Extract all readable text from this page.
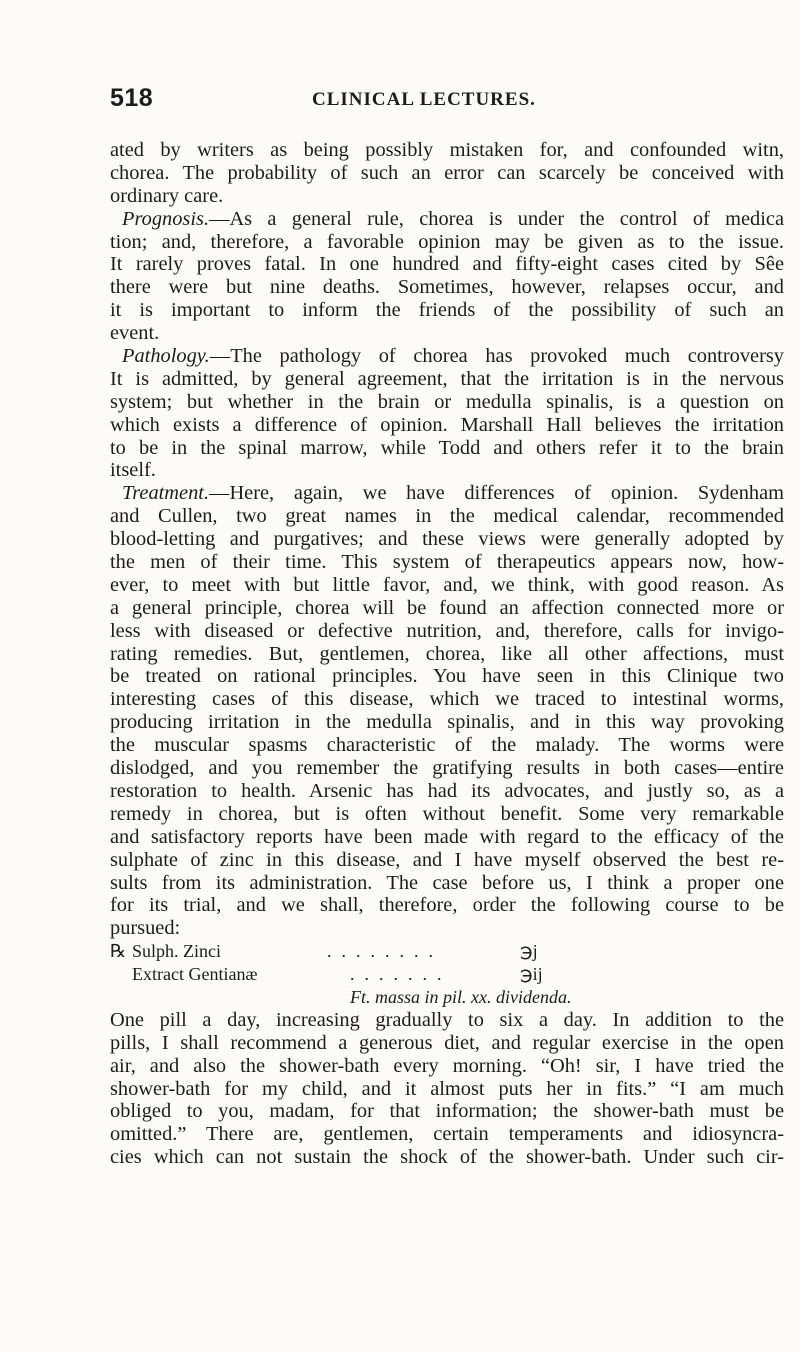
518	CLINICAL LECTURES.
ated by writers as being possibly mistaken for, and confounded witn,
chorea. The probability of such an error can scarcely be conceived with
ordinary care.
Prognosis.—As a general rule, chorea is under the control of medica
tion; and, therefore, a favorable opinion may be given as to the issue.
It rarely proves fatal. In one hundred and fifty-eight cases cited by Sêe
there were but nine deaths. Sometimes, however, relapses occur, and
it is important to inform the friends of the possibility of such an
event.
Pathology.—The pathology of chorea has provoked much controversy
It is admitted, by general agreement, that the irritation is in the nervous
system; but whether in the brain or medulla spinalis, is a question on
which exists a difference of opinion. Marshall Hall believes the irritation
to be in the spinal marrow, while Todd and others refer it to the brain
itself.
Treatment.—Here, again, we have differences of opinion. Sydenham
and Cullen, two great names in the medical calendar, recommended
blood-letting and purgatives; and these views were generally adopted by
the men of their time. This system of therapeutics appears now, how-
ever, to meet with but little favor, and, we think, with good reason. As
a general principle, chorea will be found an affection connected more or
less with diseased or defective nutrition, and, therefore, calls for invigo-
rating remedies. But, gentlemen, chorea, like all other affections, must
be treated on rational principles. You have seen in this Clinique two
interesting cases of this disease, which we traced to intestinal worms,
producing irritation in the medulla spinalis, and in this way provoking
the muscular spasms characteristic of the malady. The worms were
dislodged, and you remember the gratifying results in both cases—entire
restoration to health. Arsenic has had its advocates, and justly so, as a
remedy in chorea, but is often without benefit. Some very remarkable
and satisfactory reports have been made with regard to the efficacy of the
sulphate of zinc in this disease, and I have myself observed the best re-
sults from its administration. The case before us, I think a proper one
for its trial, and we shall, therefore, order the following course to be
pursued:
℞ Sulph. Zinci	........	℈j
Extract Gentianæ	.......	℈ij
Ft. massa in pil. xx. dividenda.
One pill a day, increasing gradually to six a day. In addition to the
pills, I shall recommend a generous diet, and regular exercise in the open
air, and also the shower-bath every morning. “Oh! sir, I have tried the
shower-bath for my child, and it almost puts her in fits.” “I am much
obliged to you, madam, for that information; the shower-bath must be
omitted.” There are, gentlemen, certain temperaments and idiosyncra-
cies which can not sustain the shock of the shower-bath. Under such cir-
